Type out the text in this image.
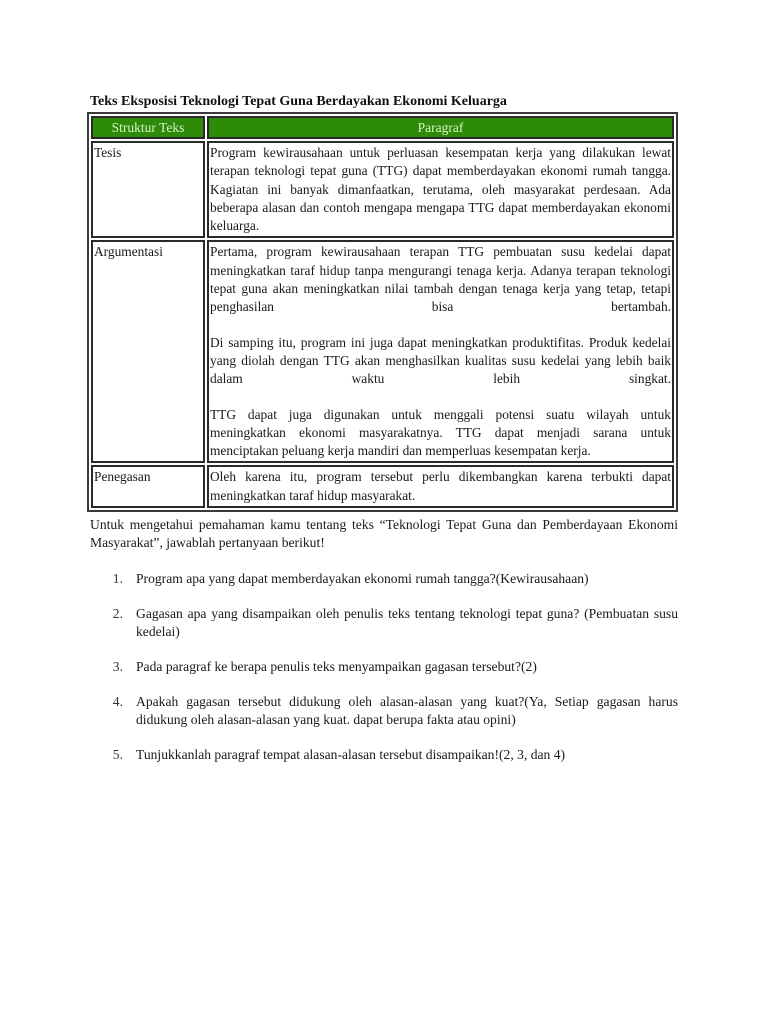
Teks Eksposisi Teknologi Tepat Guna Berdayakan Ekonomi Keluarga
Struktur Teks	Paragraf
Tesis	Program kewirausahaan untuk perluasan kesempatan kerja yang dilakukan lewat terapan teknologi tepat guna (TTG) dapat memberdayakan ekonomi rumah tangga. Kagiatan ini banyak dimanfaatkan, terutama, oleh masyarakat perdesaan. Ada beberapa alasan dan contoh mengapa mengapa TTG dapat memberdayakan ekonomi keluarga.

Argumentasi	Pertama, program kewirausahaan terapan TTG pembuatan susu kedelai dapat meningkatkan taraf hidup tanpa mengurangi tenaga kerja. Adanya terapan teknologi tepat guna akan meningkatkan nilai tambah dengan tenaga kerja yang tetap, tetapi penghasilan bisa bertambah.

Di samping itu, program ini juga dapat meningkatkan produktifitas. Produk kedelai yang diolah dengan TTG akan menghasilkan kualitas susu kedelai yang lebih baik dalam waktu lebih singkat.

TTG dapat juga digunakan untuk menggali potensi suatu wilayah untuk meningkatkan ekonomi masyarakatnya. TTG dapat menjadi sarana untuk menciptakan peluang kerja mandiri dan memperluas kesempatan kerja.

Penegasan	Oleh karena itu, program tersebut perlu dikembangkan karena terbukti dapat meningkatkan taraf hidup masyarakat.

Untuk mengetahui pemahaman kamu tentang teks “Teknologi Tepat Guna dan Pemberdayaan Ekonomi Masyarakat”, jawablah pertanyaan berikut!
1. Program apa yang dapat memberdayakan ekonomi rumah tangga?(Kewirausahaan)
2. Gagasan apa yang disampaikan oleh penulis teks tentang teknologi tepat guna? (Pembuatan susu kedelai)
3. Pada paragraf ke berapa penulis teks menyampaikan gagasan tersebut?(2)
4. Apakah gagasan tersebut didukung oleh alasan-alasan yang kuat?(Ya, Setiap gagasan harus didukung oleh alasan-alasan yang kuat. dapat berupa fakta atau opini)
5. Tunjukkanlah paragraf tempat alasan-alasan tersebut disampaikan!(2, 3, dan 4)
